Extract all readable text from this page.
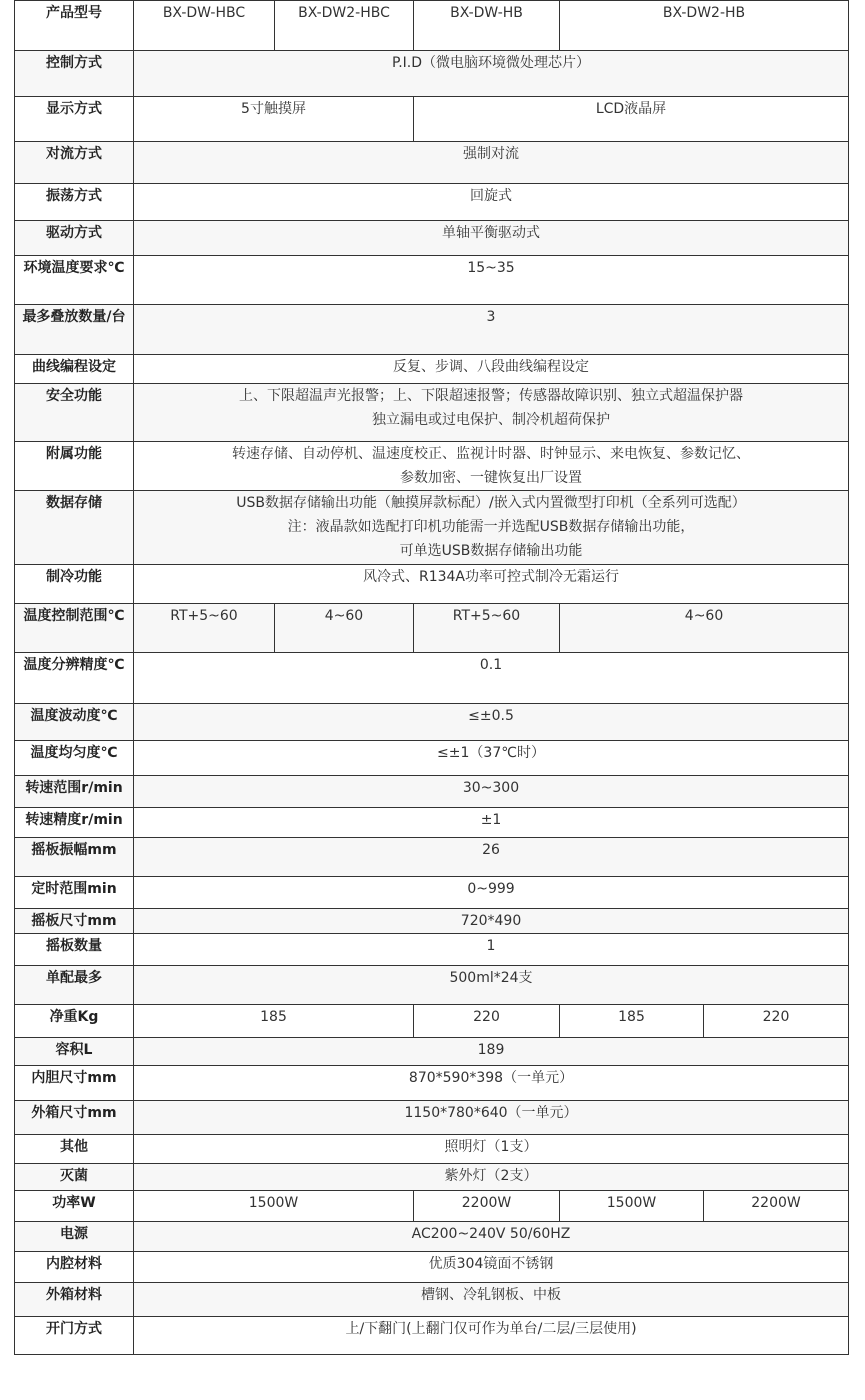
产品型号	BX-DW-HBC	BX-DW2-HBC	BX-DW-HB	BX-DW2-HB	
控制方式	P.I.D（微电脑环境微处理芯片）				
显示方式	5寸触摸屏		LCD液晶屏		
对流方式	强制对流				
振荡方式	回旋式				
驱动方式	单轴平衡驱动式				
环境温度要求℃	15~35				
最多叠放数量/台	3				
曲线编程设定	反复、步调、八段曲线编程设定				
安全功能	上、下限超温声光报警；上、下限超速报警；传感器故障识别、独立式超温保护器
独立漏电或过电保护、制冷机超荷保护				

附属功能	转速存储、自动停机、温速度校正、监视计时器、时钟显示、来电恢复、参数记忆、
参数加密、一键恢复出厂设置				

数据存储	USB数据存储输出功能（触摸屏款标配）/嵌入式内置微型打印机（全系列可选配）
注：液晶款如选配打印机功能需一并选配USB数据存储输出功能，
可单选USB数据存储输出功能				

制冷功能	风冷式、R134A功率可控式制冷无霜运行				
温度控制范围℃	RT+5~60	4~60	RT+5~60	4~60	
温度分辨精度℃	0.1				
温度波动度℃	≤±0.5				
温度均匀度℃	≤±1（37℃时）				
转速范围r/min	30~300				
转速精度r/min	±1				
摇板振幅mm	26				
定时范围min	0~999				
摇板尺寸mm	720*490				
摇板数量	1				
单配最多	500ml*24支				
净重Kg	185		220	185	220
容积L	189				
内胆尺寸mm	870*590*398（一单元）				
外箱尺寸mm	1150*780*640（一单元）				
其他	照明灯（1支）				
灭菌	紫外灯（2支）				
功率W	1500W		2200W	1500W	2200W
电源	AC200~240V 50/60HZ				
内腔材料	优质304镜面不锈钢				
外箱材料	槽钢、冷轧钢板、中板				
开门方式	上/下翻门(上翻门仅可作为单台/二层/三层使用)				
